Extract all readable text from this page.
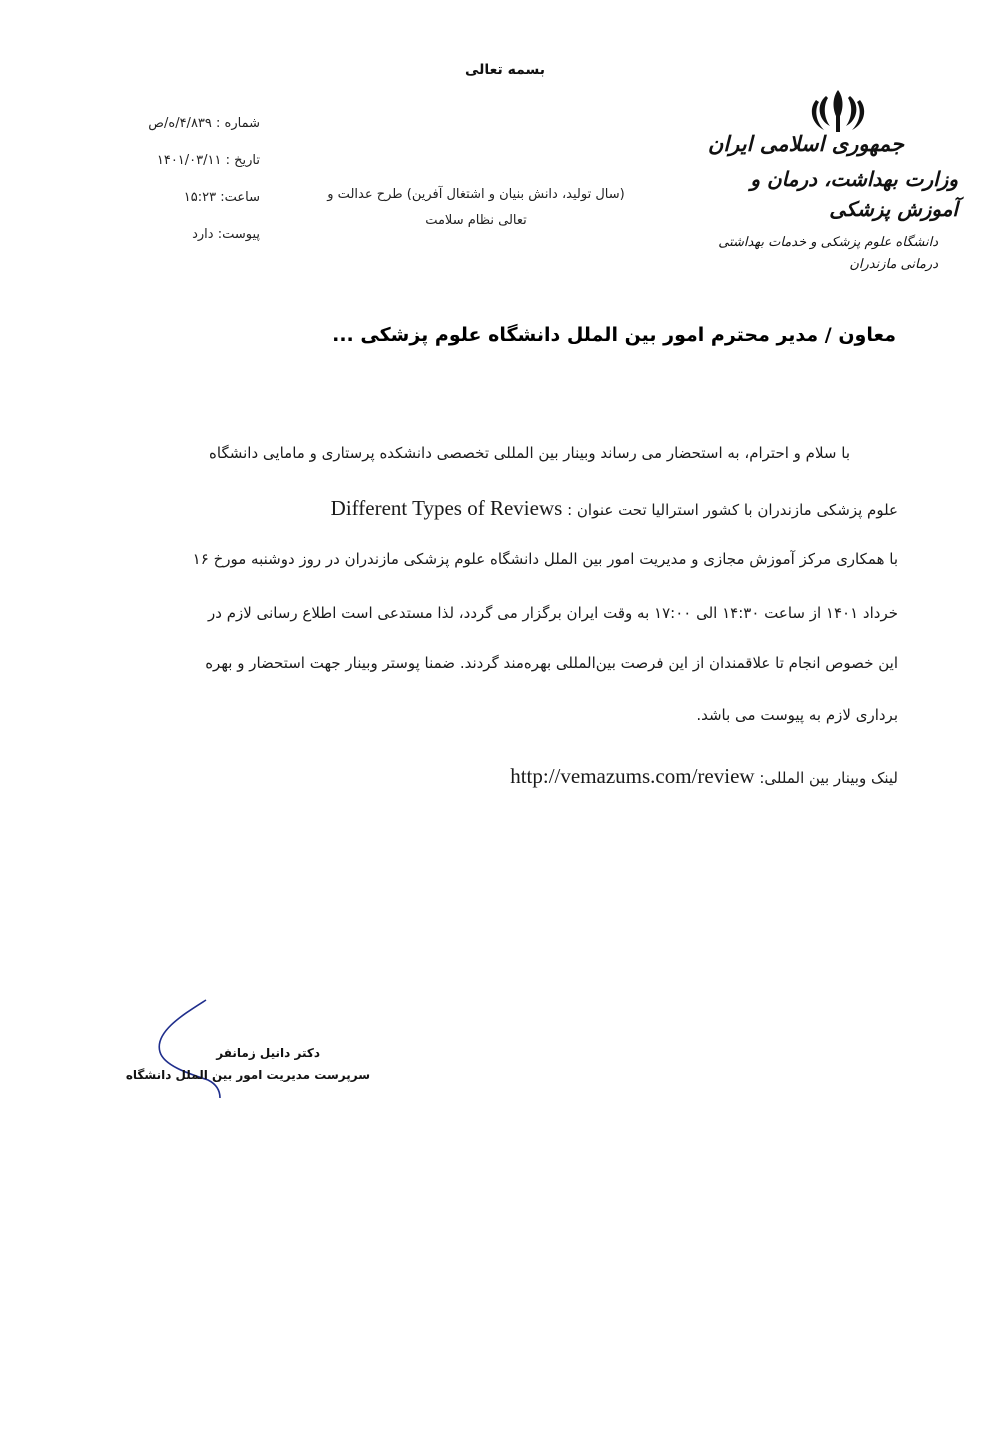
بسمه تعالی
جمهوری اسلامی ایران
وزارت بهداشت، درمان و آموزش پزشکی
دانشگاه علوم پزشکی و خدمات بهداشتی درمانی مازندران
شماره : ۴/۸۳۹/ه/ص
تاریخ : ۱۴۰۱/۰۳/۱۱
ساعت: ۱۵:۲۳
پیوست: دارد
(سال تولید، دانش بنیان و اشتغال آفرین) طرح عدالت و
تعالی نظام سلامت
معاون / مدیر محترم امور بین الملل دانشگاه علوم پزشکی ...
با سلام و احترام، به استحضار می رساند وبینار بین المللی تخصصی دانشکده پرستاری و مامایی دانشگاه
علوم پزشکی مازندران با کشور استرالیا تحت عنوان : Different Types of Reviews
با همکاری مرکز آموزش مجازی و مدیریت امور بین الملل دانشگاه علوم پزشکی مازندران در روز دوشنبه مورخ ۱۶
خرداد ۱۴۰۱ از ساعت ۱۴:۳۰ الی ۱۷:۰۰ به وقت ایران برگزار می گردد، لذا مستدعی است اطلاع رسانی لازم در
این خصوص انجام تا علاقمندان از این فرصت بین‌المللی بهره‌مند گردند. ضمنا پوستر وبینار جهت استحضار و بهره
برداری لازم به پیوست می باشد.
لینک وبینار بین المللی: http://vemazums.com/review
دکتر دانیل زمانفر
سرپرست مدیریت امور بین الملل دانشگاه
